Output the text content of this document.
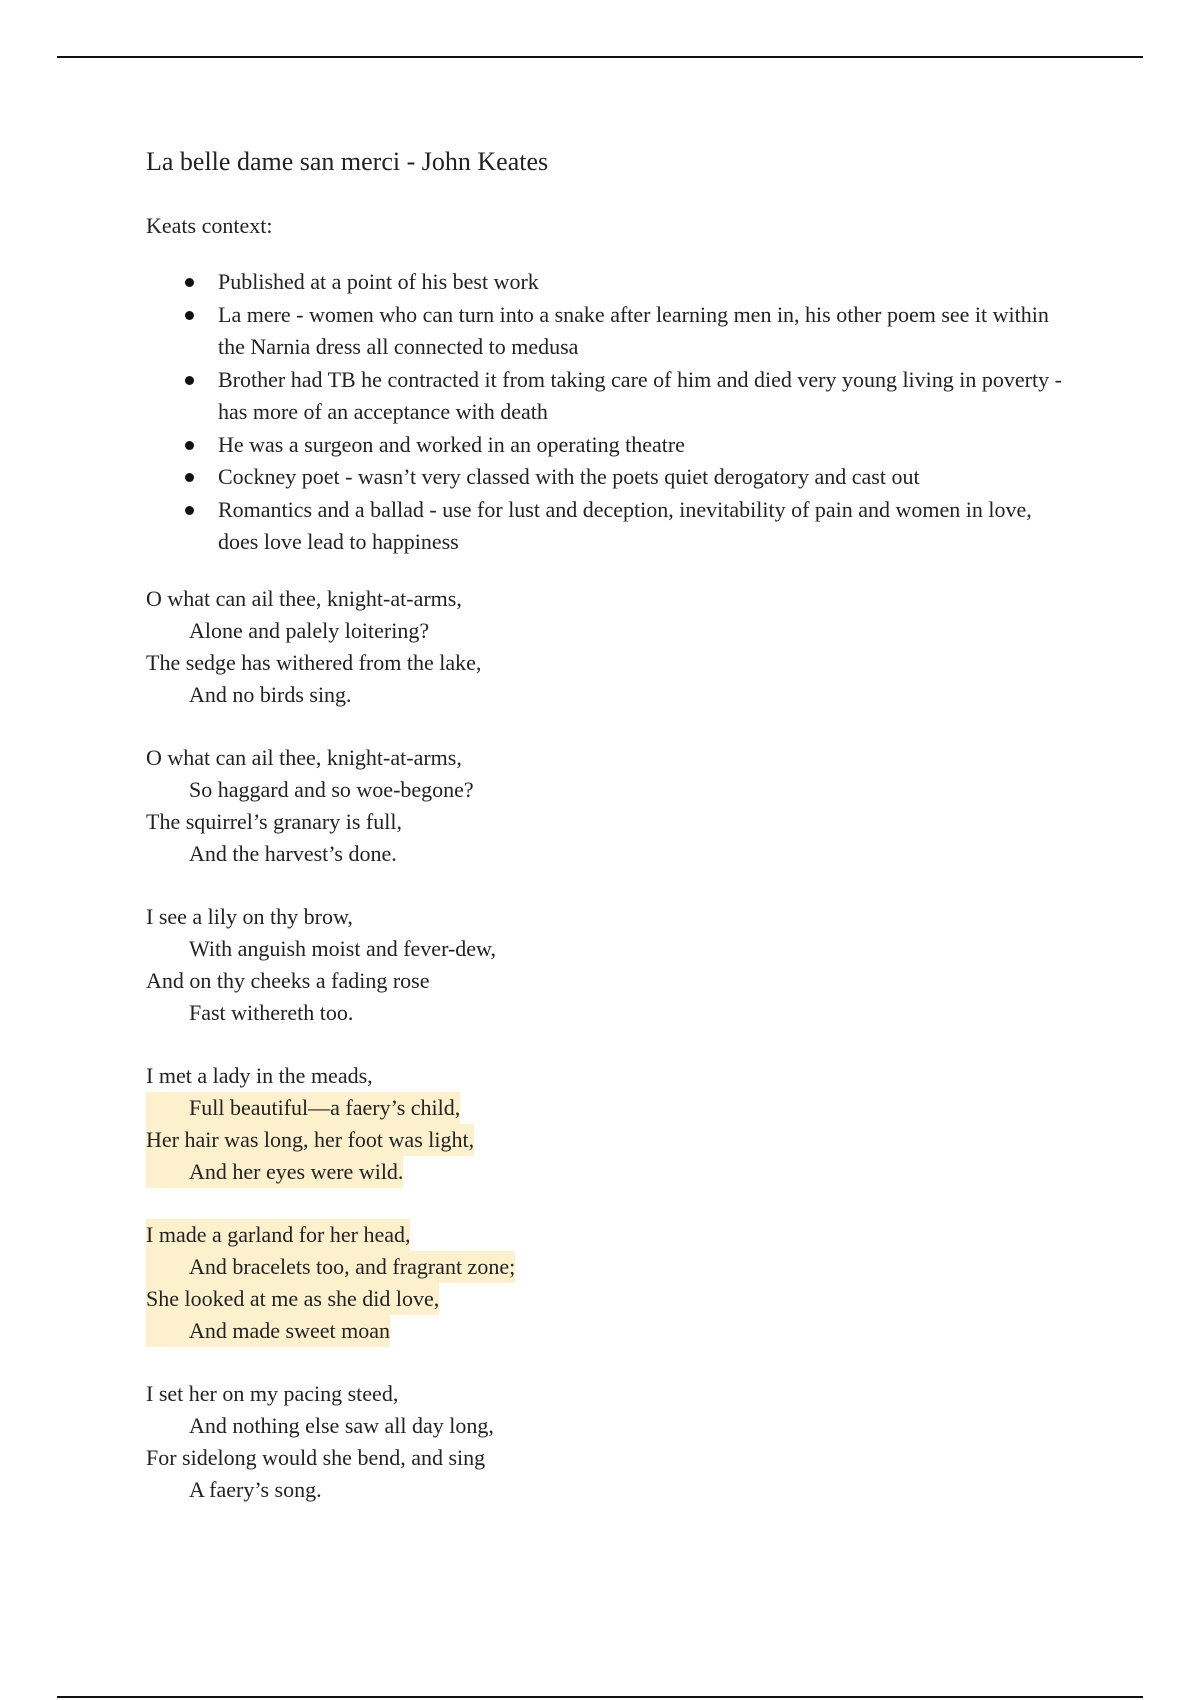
La belle dame san merci - John Keates
Keats context:
Published at a point of his best work
La mere - women who can turn into a snake after learning men in, his other poem see it within the Narnia dress all connected to medusa
Brother had TB he contracted it from taking care of him and died very young living in poverty - has more of an acceptance with death
He was a surgeon and worked in an operating theatre
Cockney poet - wasn’t very classed with the poets quiet derogatory and cast out
Romantics and a ballad - use for lust and deception, inevitability of pain and women in love, does love lead to happiness
O what can ail thee, knight-at-arms,
Alone and palely loitering?
The sedge has withered from the lake,
And no birds sing.
O what can ail thee, knight-at-arms,
So haggard and so woe-begone?
The squirrel’s granary is full,
And the harvest’s done.
I see a lily on thy brow,
With anguish moist and fever-dew,
And on thy cheeks a fading rose
Fast withereth too.
I met a lady in the meads,
Full beautiful—a faery’s child,
Her hair was long, her foot was light,
And her eyes were wild.
I made a garland for her head,
And bracelets too, and fragrant zone;
She looked at me as she did love,
And made sweet moan
I set her on my pacing steed,
And nothing else saw all day long,
For sidelong would she bend, and sing
A faery’s song.
